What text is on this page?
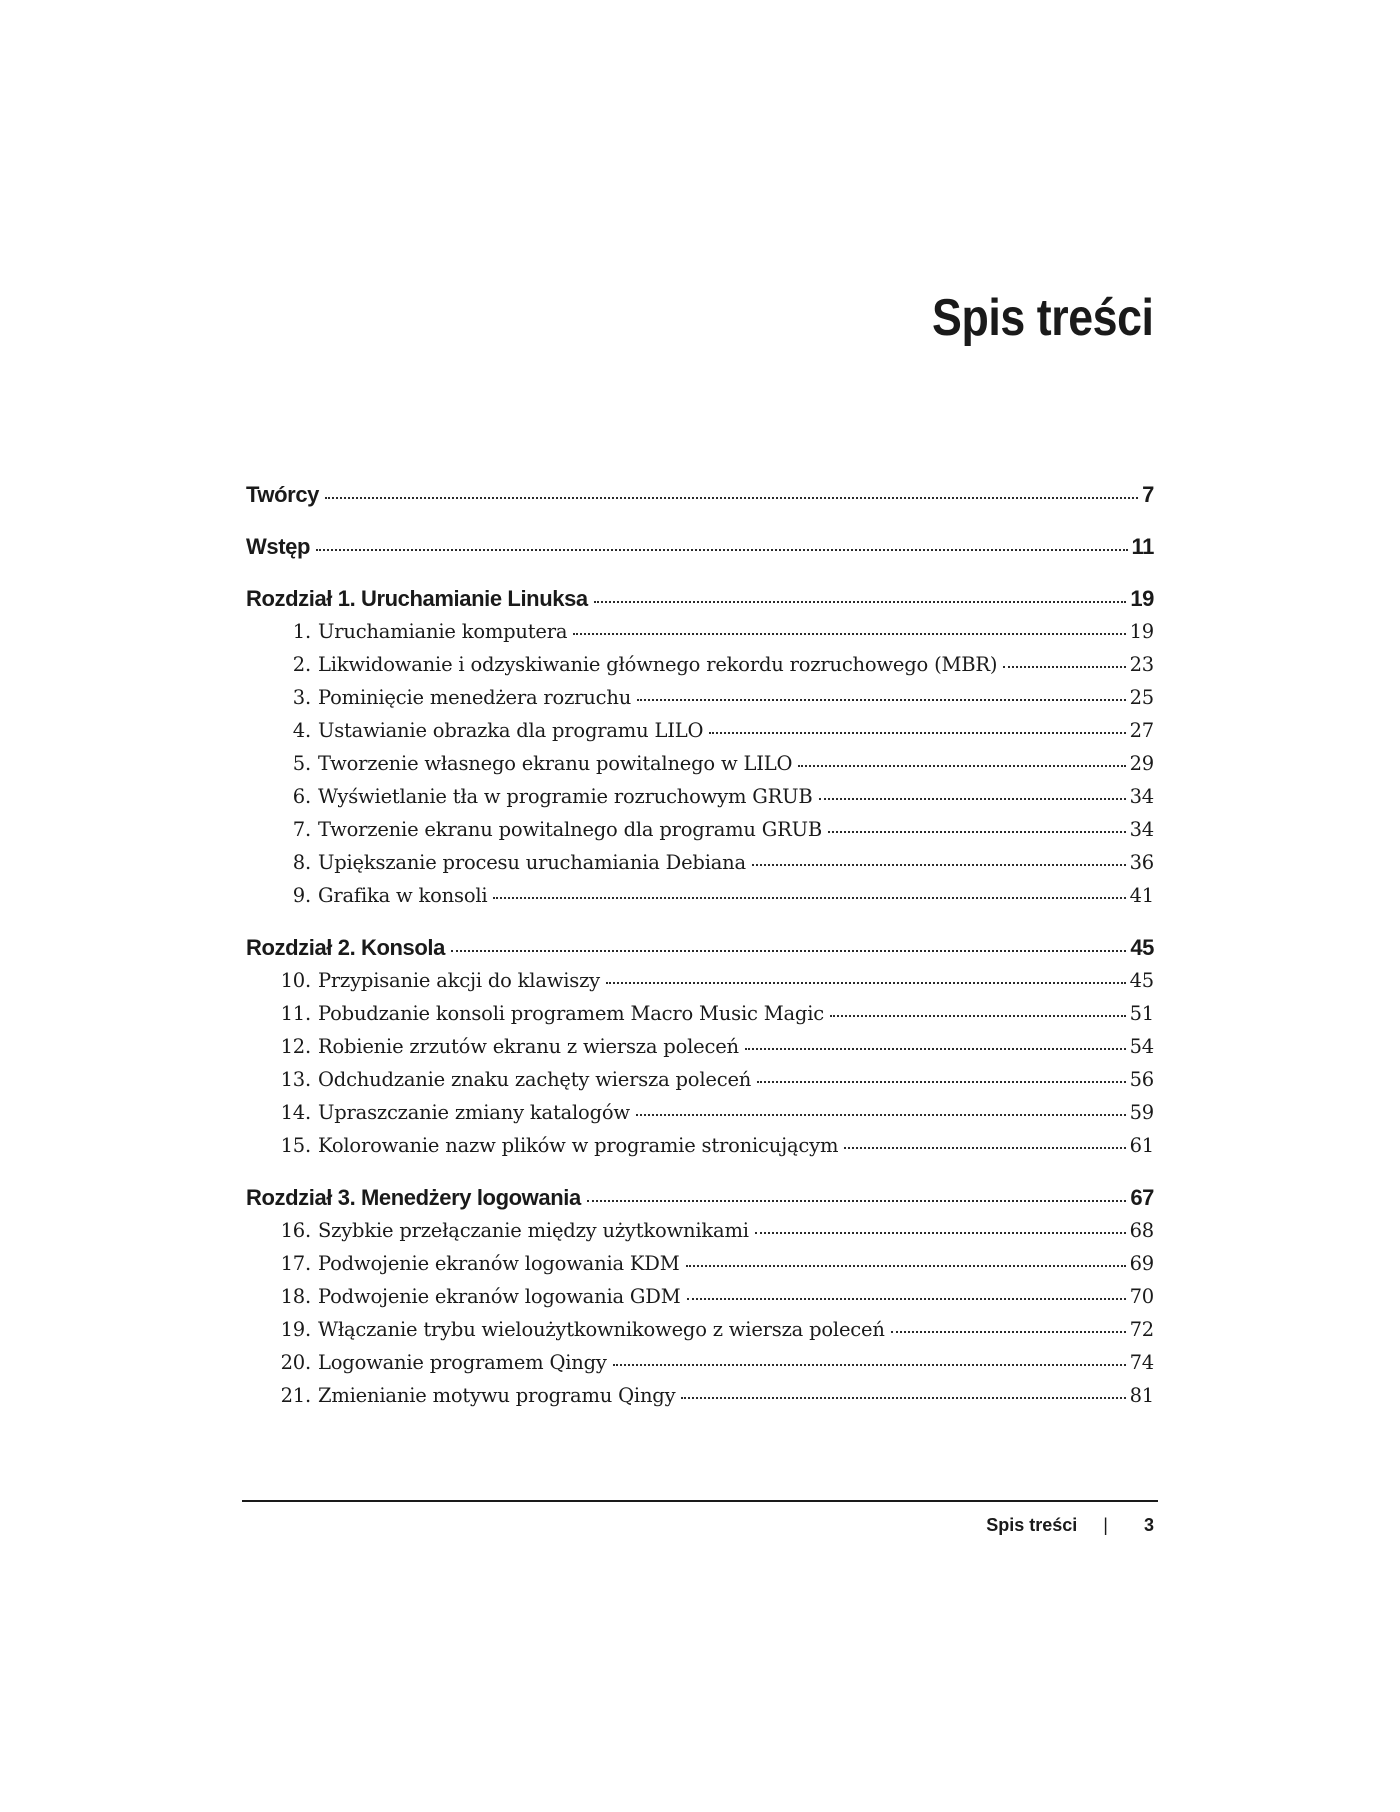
Spis treści
Twórcy	7
Wstęp	11
Rozdział 1. Uruchamianie Linuksa	19
1. Uruchamianie komputera	19
2. Likwidowanie i odzyskiwanie głównego rekordu rozruchowego (MBR)	23
3. Pominięcie menedżera rozruchu	25
4. Ustawianie obrazka dla programu LILO	27
5. Tworzenie własnego ekranu powitalnego w LILO	29
6. Wyświetlanie tła w programie rozruchowym GRUB	34
7. Tworzenie ekranu powitalnego dla programu GRUB	34
8. Upiększanie procesu uruchamiania Debiana	36
9. Grafika w konsoli	41
Rozdział 2. Konsola	45
10. Przypisanie akcji do klawiszy	45
11. Pobudzanie konsoli programem Macro Music Magic	51
12. Robienie zrzutów ekranu z wiersza poleceń	54
13. Odchudzanie znaku zachęty wiersza poleceń	56
14. Upraszczanie zmiany katalogów	59
15. Kolorowanie nazw plików w programie stronicującym	61
Rozdział 3. Menedżery logowania	67
16. Szybkie przełączanie między użytkownikami	68
17. Podwojenie ekranów logowania KDM	69
18. Podwojenie ekranów logowania GDM	70
19. Włączanie trybu wieloużytkownikowego z wiersza poleceń	72
20. Logowanie programem Qingy	74
21. Zmienianie motywu programu Qingy	81
Spis treści | 3
